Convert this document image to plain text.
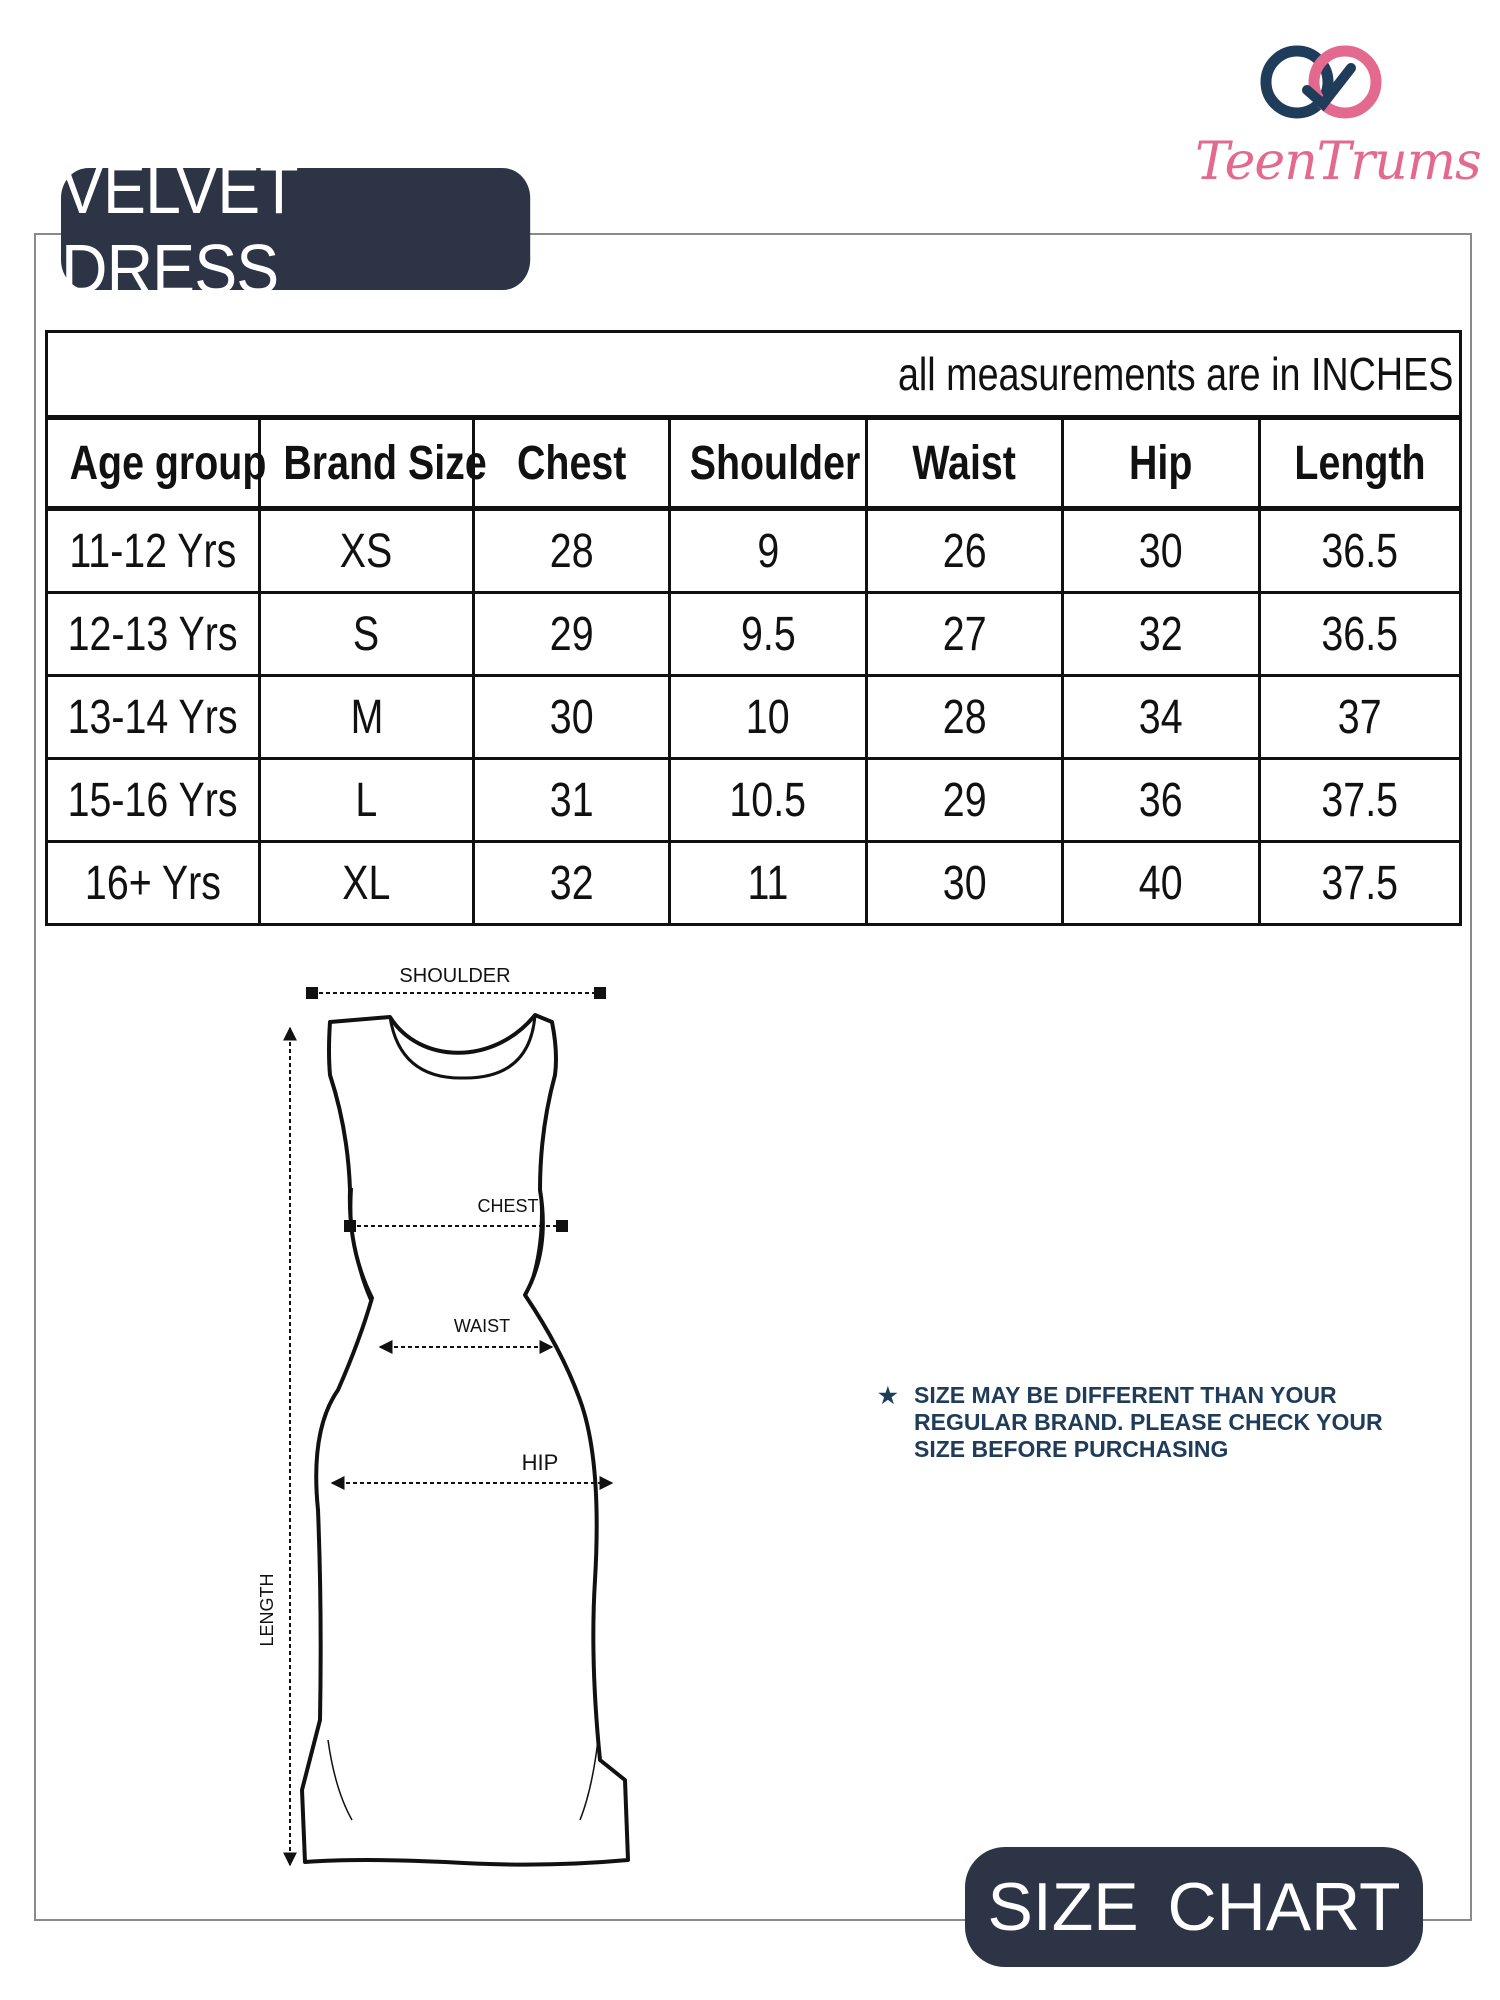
TeenTrums
VELVET DRESS
all measurements are in INCHES						
Age group	Brand Size	Chest	Shoulder	Waist	Hip	Length
11-12 Yrs	XS	28	9	26	30	36.5
12-13 Yrs	S	29	9.5	27	32	36.5
13-14 Yrs	M	30	10	28	34	37
15-16 Yrs	L	31	10.5	29	36	37.5
16+ Yrs	XL	32	11	30	40	37.5
SHOULDER
CHEST
WAIST
HIP
LENGTH
★ SIZE MAY BE DIFFERENT THAN YOUR
REGULAR BRAND. PLEASE CHECK YOUR
SIZE BEFORE PURCHASING
SIZE CHART
